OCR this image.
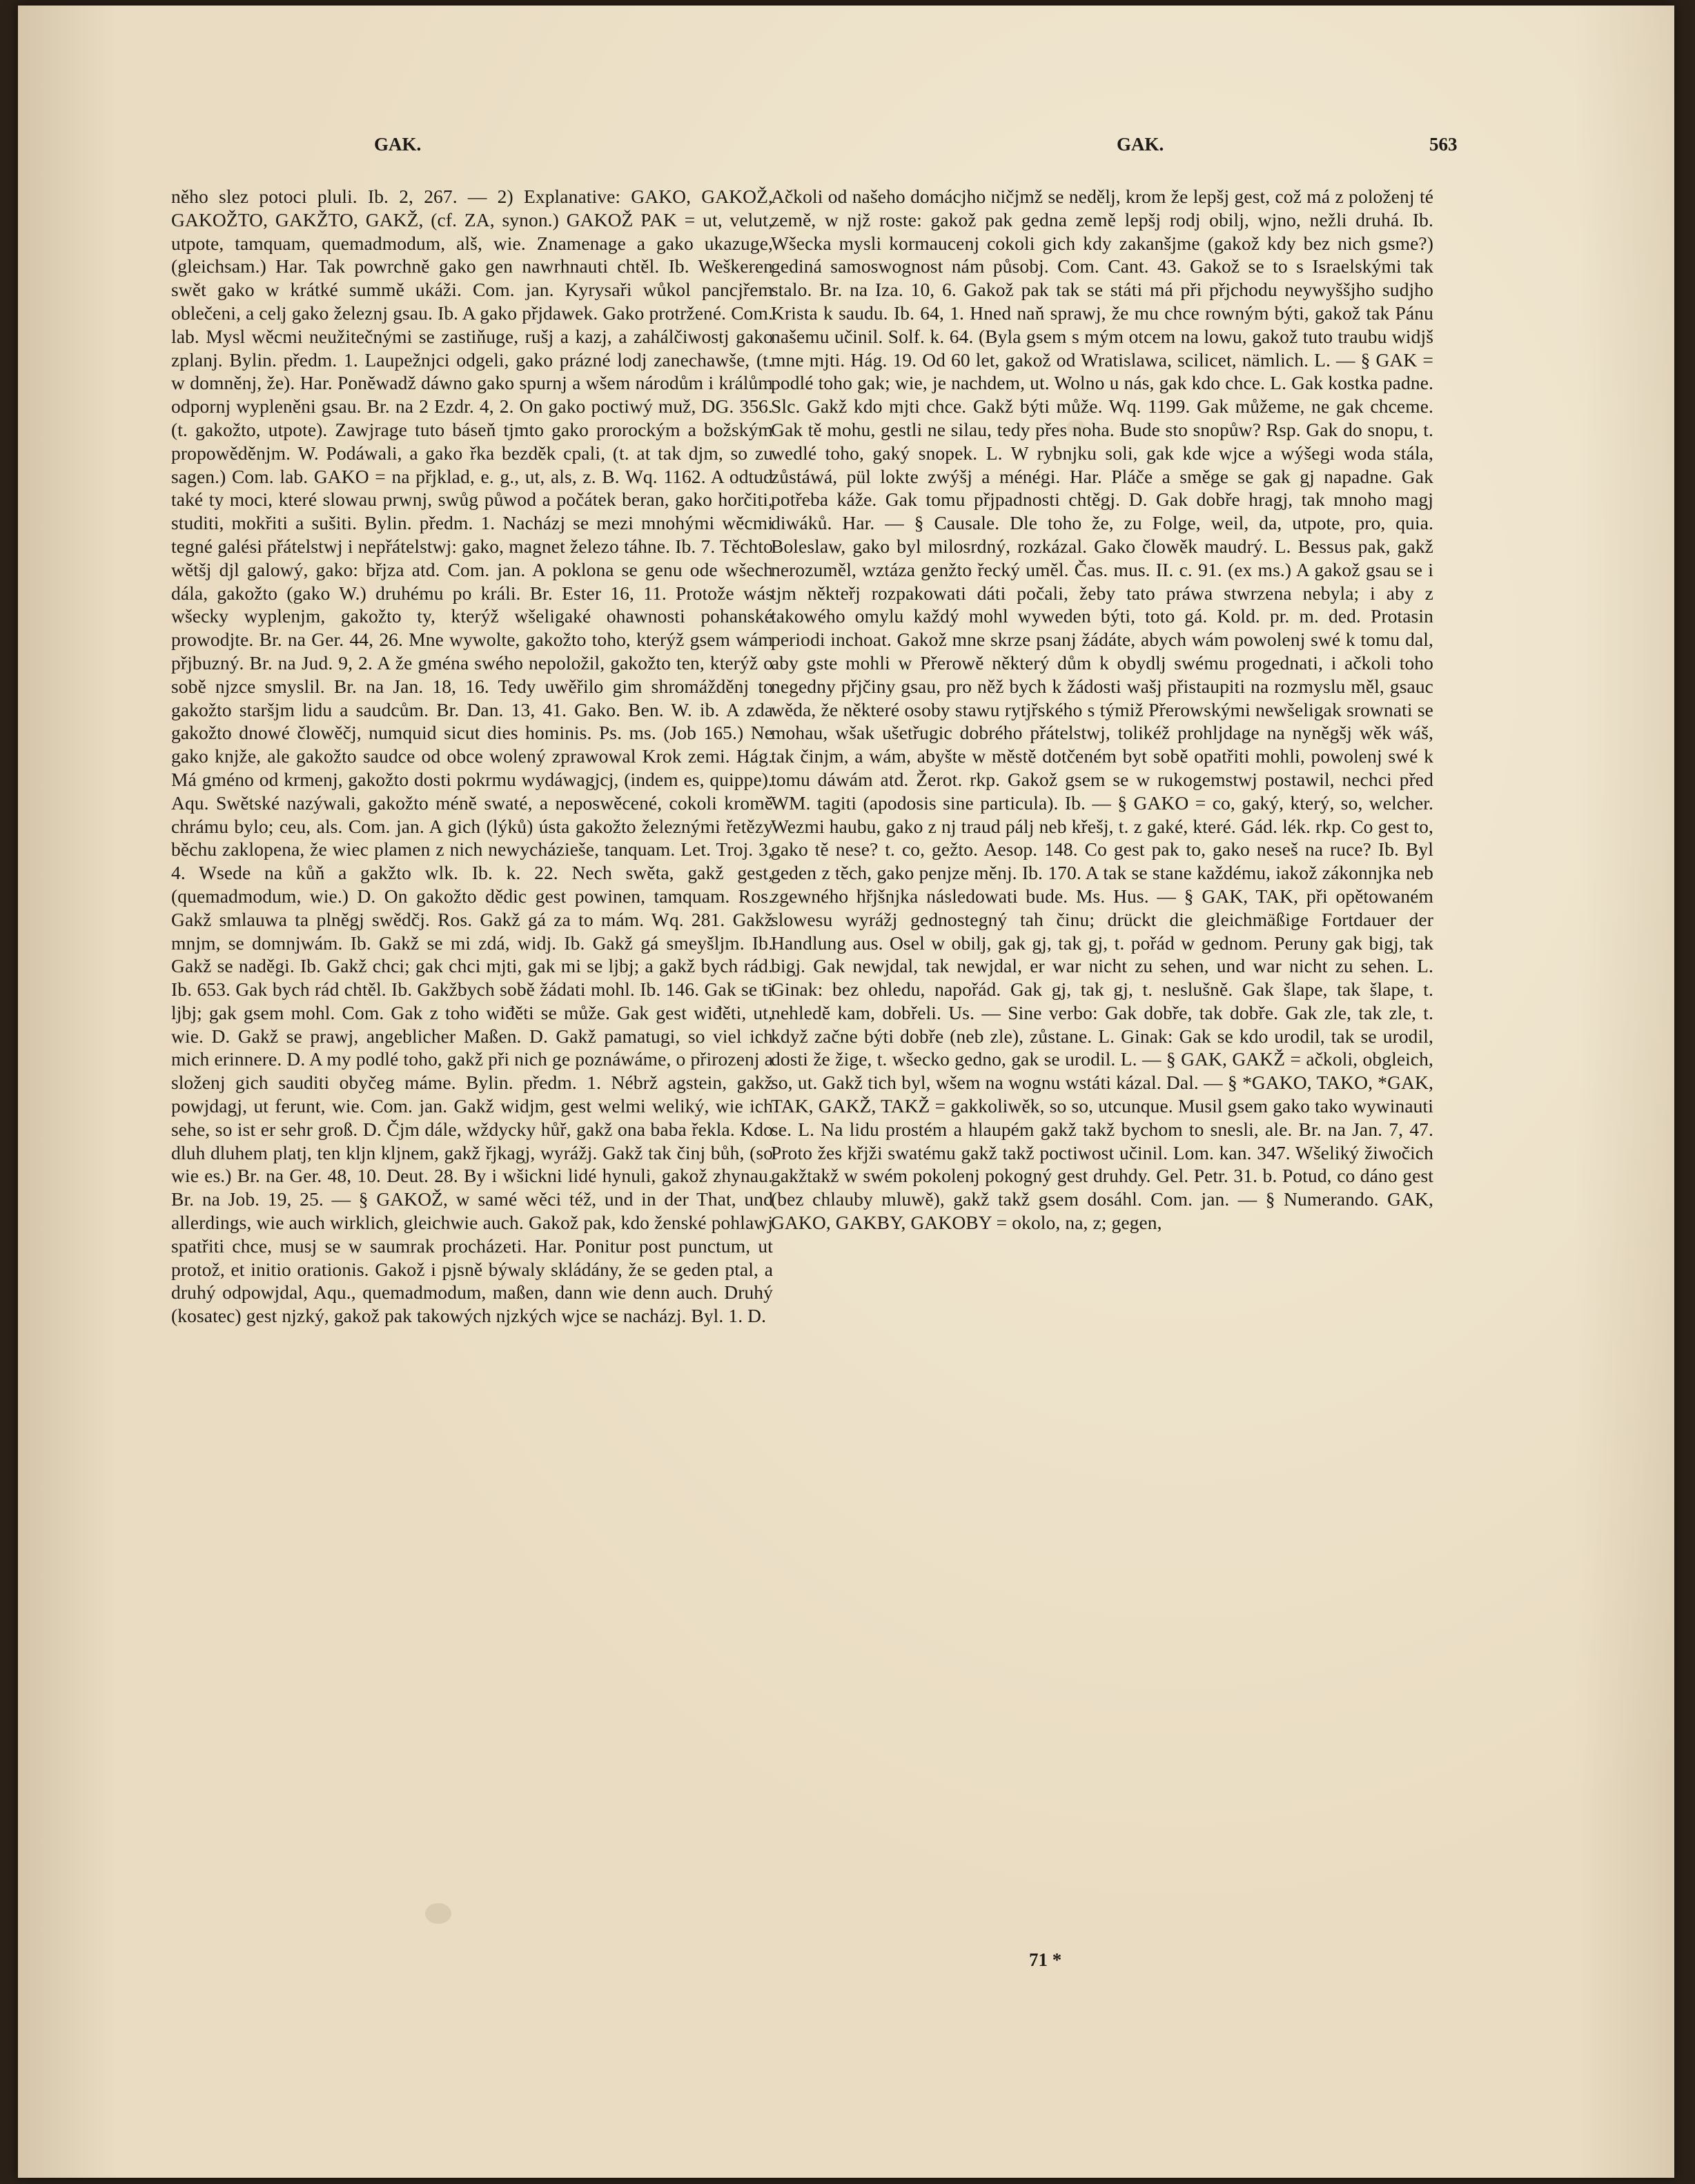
GAK.	GAK.	563
něho slez potoci pluli. Ib. 2, 267. — 2) Explanative: GAKO, GAKOŽ, GAKOŽTO, GAKŽTO, GAKŽ, (cf. ZA, synon.) GAKOŽ PAK = ut, velut, utpote, tamquam, quemadmodum, alš, wie. Znamenage a gako ukazuge, (gleichsam.) Har. Tak powrchně gako gen nawrhnauti chtěl. Ib. Weškeren swět gako w krátké summě ukáži. Com. jan. Kyrysaři wůkol pancjřem oblečeni, a celj gako železnj gsau. Ib. A gako přjdawek. Gako protržené. Com. lab. Mysl wěcmi neužitečnými se zastiňuge, rušj a kazj, a zahálčiwostj gako zplanj. Bylin. předm. 1. Laupežnjci odgeli, gako prázné lodj zanechawše, (t. w domněnj, že). Har. Poněwadž dáwno gako spurnj a wšem národům i králům odpornj wypleněni gsau. Br. na 2 Ezdr. 4, 2. On gako poctiwý muž, DG. 356. (t. gakožto, utpote). Zawjrage tuto báseň tjmto gako prorockým a božským propowěděnjm. W. Podáwali, a gako řka bezděk cpali, (t. at tak djm, so zu sagen.) Com. lab. GAKO = na přjklad, e. g., ut, als, z. B. Wq. 1162. A odtud také ty moci, které slowau prwnj, swůg půwod a počátek beran, gako horčiti, studiti, mokřiti a sušiti. Bylin. předm. 1. Nacházj se mezi mnohými wěcmi tegné galési přátelstwj i nepřátelstwj: gako, magnet železo táhne. Ib. 7. Těchto wětšj djl galowý, gako: břjza atd. Com. jan. A poklona se genu ode wšech dála, gakožto (gako W.) druhému po králi. Br. Ester 16, 11. Protože wás wšecky wyplenjm, gakožto ty, kterýž wšeligaké ohawnosti pohanské prowodjte. Br. na Ger. 44, 26. Mne wywolte, gakožto toho, kterýž gsem wám přjbuzný. Br. na Jud. 9, 2. A že gména swého nepoložil, gakožto ten, kterýž o sobě njzce smyslil. Br. na Jan. 18, 16. Tedy uwěřilo gim shromážděnj to gakožto staršjm lidu a saudcům. Br. Dan. 13, 41. Gako. Ben. W. ib. A zda gakožto dnowé člowěčj, numquid sicut dies hominis. Ps. ms. (Job 165.) Ne gako knjže, ale gakožto saudce od obce wolený zprawowal Krok zemi. Hág. Má gméno od krmenj, gakožto dosti pokrmu wydáwagjcj, (indem es, quippe). Aqu. Swětské nazýwali, gakožto méně swaté, a neposwěcené, cokoli kromě chrámu bylo; ceu, als. Com. jan. A gich (lýků) ústa gakožto železnými řetězy běchu zaklopena, že wiec plamen z nich newycházieše, tanquam. Let. Troj. 3, 4. Wsede na kůň a gakžto wlk. Ib. k. 22. Nech swěta, gakž gest, (quemadmodum, wie.) D. On gakožto dědic gest powinen, tamquam. Ros. Gakž smlauwa ta plněgj swědčj. Ros. Gakž gá za to mám. Wq. 281. Gakž mnjm, se domnjwám. Ib. Gakž se mi zdá, widj. Ib. Gakž gá smeyšljm. Ib. Gakž se naděgi. Ib. Gakž chci; gak chci mjti, gak mi se ljbj; a gakž bych rád. Ib. 653. Gak bych rád chtěl. Ib. Gakžbych sobě žádati mohl. Ib. 146. Gak se ti ljbj; gak gsem mohl. Com. Gak z toho wiđěti se může. Gak gest wiđěti, ut, wie. D. Gakž se prawj, angeblicher Maßen. D. Gakž pamatugi, so viel ich mich erinnere. D. A my podlé toho, gakž při nich ge poznáwáme, o přirozenj a složenj gich sauditi obyčeg máme. Bylin. předm. 1. Nébrž agstein, gakž powjdagj, ut ferunt, wie. Com. jan. Gakž widjm, gest welmi weliký, wie ich sehe, so ist er sehr groß. D. Čjm dále, wždycky hůř, gakž ona baba řekla. Kdo dluh dluhem platj, ten kljn kljnem, gakž řjkagj, wyrážj. Gakž tak činj bůh, (so wie es.) Br. na Ger. 48, 10. Deut. 28. By i wšickni lidé hynuli, gakož zhynau. Br. na Job. 19, 25. — § GAKOŽ, w samé wěci též, und in der That, und allerdings, wie auch wirklich, gleichwie auch. Gakož pak, kdo ženské pohlawj spatřiti chce, musj se w saumrak procházeti. Har. Ponitur post punctum, ut protož, et initio orationis. Gakož i pjsně býwaly skládány, že se geden ptal, a druhý odpowjdal, Aqu., quemadmodum, maßen, dann wie denn auch. Druhý (kosatec) gest njzký, gakož pak takowých njzkých wjce se nacházj. Byl. 1. D.
Ačkoli od našeho domácjho ničjmž se nedělj, krom že lepšj gest, což má z položenj té země, w njž roste: gakož pak gedna země lepšj rodj obilj, wjno, nežli druhá. Ib. Wšecka mysli kormaucenj cokoli gich kdy zakanšjme (gakož kdy bez nich gsme?) gediná samoswognost nám působj. Com. Cant. 43. Gakož se to s Israelskými tak stalo. Br. na Iza. 10, 6. Gakož pak tak se státi má při přjchodu neywyššjho sudjho Krista k saudu. Ib. 64, 1. Hned naň sprawj, že mu chce rowným býti, gakož tak Pánu našemu učinil. Solf. k. 64. (Byla gsem s mým otcem na lowu, gakož tuto traubu widjš mne mjti. Hág. 19. Od 60 let, gakož od Wratislawa, scilicet, nämlich. L. — § GAK = podlé toho gak; wie, je nachdem, ut. Wolno u nás, gak kdo chce. L. Gak kostka padne. Slc. Gakž kdo mjti chce. Gakž býti může. Wq. 1199. Gak můžeme, ne gak chceme. Gak tě mohu, gestli ne silau, tedy přes noha. Bude sto snopůw? Rsp. Gak do snopu, t. wedlé toho, gaký snopek. L. W rybnjku soli, gak kde wjce a wýšegi woda stála, zůstáwá, pül lokte zwýšj a ménégi. Har. Pláče a směge se gak gj napadne. Gak potřeba káže. Gak tomu přjpadnosti chtěgj. D. Gak dobře hragj, tak mnoho magj diwáků. Har. — § Causale. Dle toho že, zu Folge, weil, da, utpote, pro, quia. Boleslaw, gako byl milosrdný, rozkázal. Gako člowěk maudrý. L. Bessus pak, gakž nerozuměl, wztáza genžto řecký uměl. Čas. mus. II. c. 91. (ex ms.) A gakož gsau se i tjm někteřj rozpakowati dáti počali, žeby tato práwa stwrzena nebyla; i aby z takowého omylu každý mohl wyweden býti, toto gá. Kold. pr. m. ded. Protasin periodi inchoat. Gakož mne skrze psanj žádáte, abych wám powolenj swé k tomu dal, aby gste mohli w Přerowě některý dům k obydlj swému progednati, i ačkoli toho negedny přjčiny gsau, pro něž bych k žádosti wašj přistaupiti na rozmyslu měl, gsauc wěda, že některé osoby stawu rytjřského s týmiž Přerowskými newšeligak srownati se mohau, wšak ušetřugic dobrého přátelstwj, tolikéž prohljdage na nyněgšj wěk wáš, tak činjm, a wám, abyšte w městě dotčeném byt sobě opatřiti mohli, powolenj swé k tomu dáwám atd. Žerot. rkp. Gakož gsem se w rukogemstwj postawil, nechci před WM. tagiti (apodosis sine particula). Ib. — § GAKO = co, gaký, který, so, welcher. Wezmi haubu, gako z nj traud pálj neb křešj, t. z gaké, které. Gád. lék. rkp. Co gest to, gako tě nese? t. co, gežto. Aesop. 148. Co gest pak to, gako neseš na ruce? Ib. Byl geden z těch, gako penjze měnj. Ib. 170. A tak se stane každému, iakož zákonnjka neb zgewného hřjšnjka následowati bude. Ms. Hus. — § GAK, TAK, při opětowaném slowesu wyrážj gednostegný tah činu; drückt die gleichmäßige Fortdauer der Handlung aus. Osel w obilj, gak gj, tak gj, t. pořád w gednom. Peruny gak bigj, tak bigj. Gak newjdal, tak newjdal, er war nicht zu sehen, und war nicht zu sehen. L. Ginak: bez ohledu, napořád. Gak gj, tak gj, t. neslušně. Gak šlape, tak šlape, t. nehledě kam, dobřeli. Us. — Sine verbo: Gak dobře, tak dobře. Gak zle, tak zle, t. když začne býti dobře (neb zle), zůstane. L. Ginak: Gak se kdo urodil, tak se urodil, dosti že žige, t. wšecko gedno, gak se urodil. L. — § GAK, GAKŽ = ačkoli, obgleich, so, ut. Gakž tich byl, wšem na wognu wstáti kázal. Dal. — § *GAKO, TAKO, *GAK, TAK, GAKŽ, TAKŽ = gakkoliwěk, so so, utcunque. Musil gsem gako tako wywinauti se. L. Na lidu prostém a hlaupém gakž takž bychom to snesli, ale. Br. na Jan. 7, 47. Proto žes křjži swatému gakž takž poctiwost učinil. Lom. kan. 347. Wšeliký žiwočich gakžtakž w swém pokolenj pokogný gest druhdy. Gel. Petr. 31. b. Potud, co dáno gest (bez chlauby mluwě), gakž takž gsem dosáhl. Com. jan. — § Numerando. GAK, GAKO, GAKBY, GAKOBY = okolo, na, z; gegen,
71 *
